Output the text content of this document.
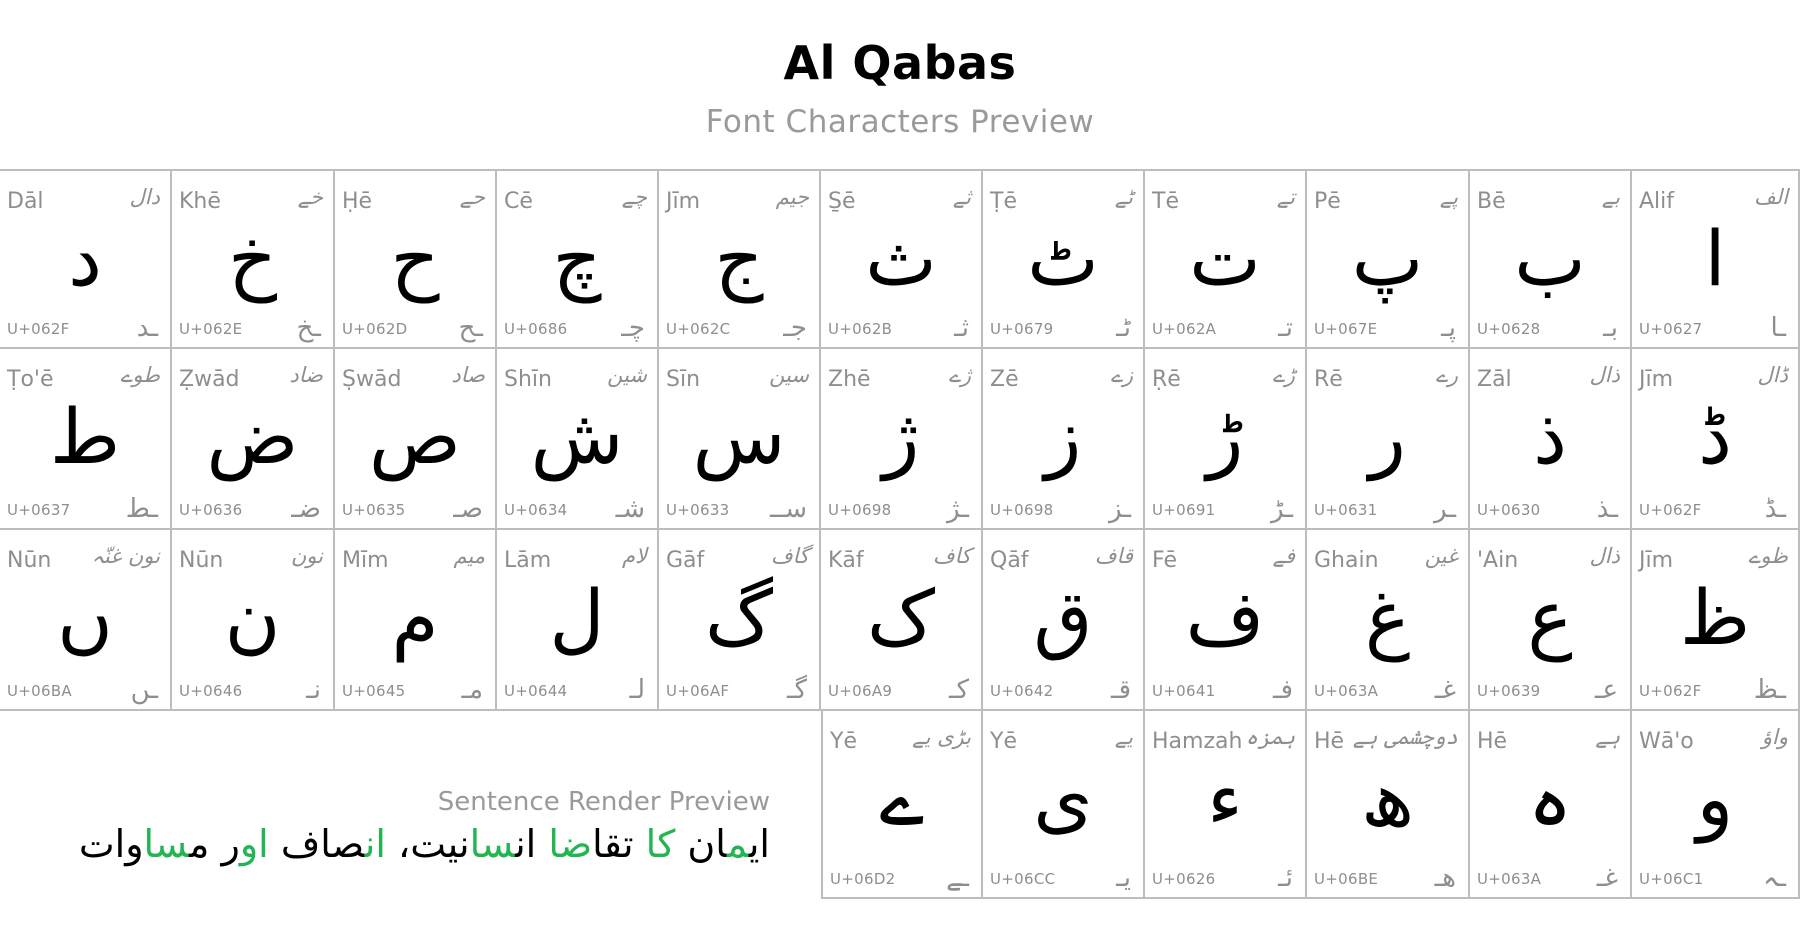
Al Qabas
Font Characters Preview
Dāl	دال
د
U+062F	ـد
Khē	خے
خ
U+062E ـخ
Ḥē	حے
ح
U+062D ـح
Cē	چے
چ
U+0686 چـ
Jīm	جیم
ج
U+062C جـ
S̱ē	ثے
ث
U+062B ثـ
Ṭē	ٹے
ٹ
U+0679 ٹـ
Tē	تے
ت
U+062A تـ
Pē	پے
پ
U+067E پـ
Bē	بے
ب
U+0628 بـ
Alif	الف
ا
U+0627	ـا
Ṭo'ē	طوے
ط
U+0637 ـط
Ẓwād ضاد
ض
U+0636 ضـ
Ṣwād صاد
ص
U+0635 صـ
Shīn	شین
ش
U+0634 شـ
Sīn	سین
س
U+0633 ســ
Zhē	ژے
ژ
U+0698 ـژ
Zē	زے
ز
U+0698 ـز
Ṛē	ڑے
ڑ
U+0691 ـڑ
Rē	رے
ر
U+0631 ـر
Zāl	ذال
ذ
U+0630 ـذ
Jīm	ڈال
ڈ
U+062F ـڈ
Nūn نون غنّہ
ں
U+06BA ـں
Nūn	نون
ن
U+0646 نـ
Mīm	میم
م
U+0645 مـ
Lām	لام
ل
U+0644 لـ
Gāf	گاف
گ
U+06AF گـ
Kāf	کاف
ک
U+06A9 کـ
Qāf	قاف
ق
U+0642 قـ
Fē	فے
ف
U+0641 فـ
Ghain غین
غ
U+063A غـ
'Ain	ذال
ع
U+0639 عـ
Jīm	ظوے
ظ
U+062F ـظ
Yē	بڑی یے
ے
U+06D2 ـے
Yē	یے
ی
U+06CC یـ
Hamzah ہمزہ
ء
U+0626 ئـ
Hē دوچشمی ہے
ھ
U+06BE ھـ
Hē	ہے
ہ
U+063A غـ
Wā'o	واؤ
و
U+06C1 ـہ
Sentence Render Preview
ایمان کا تقاضا انسانیت، انصاف اور مساوات
